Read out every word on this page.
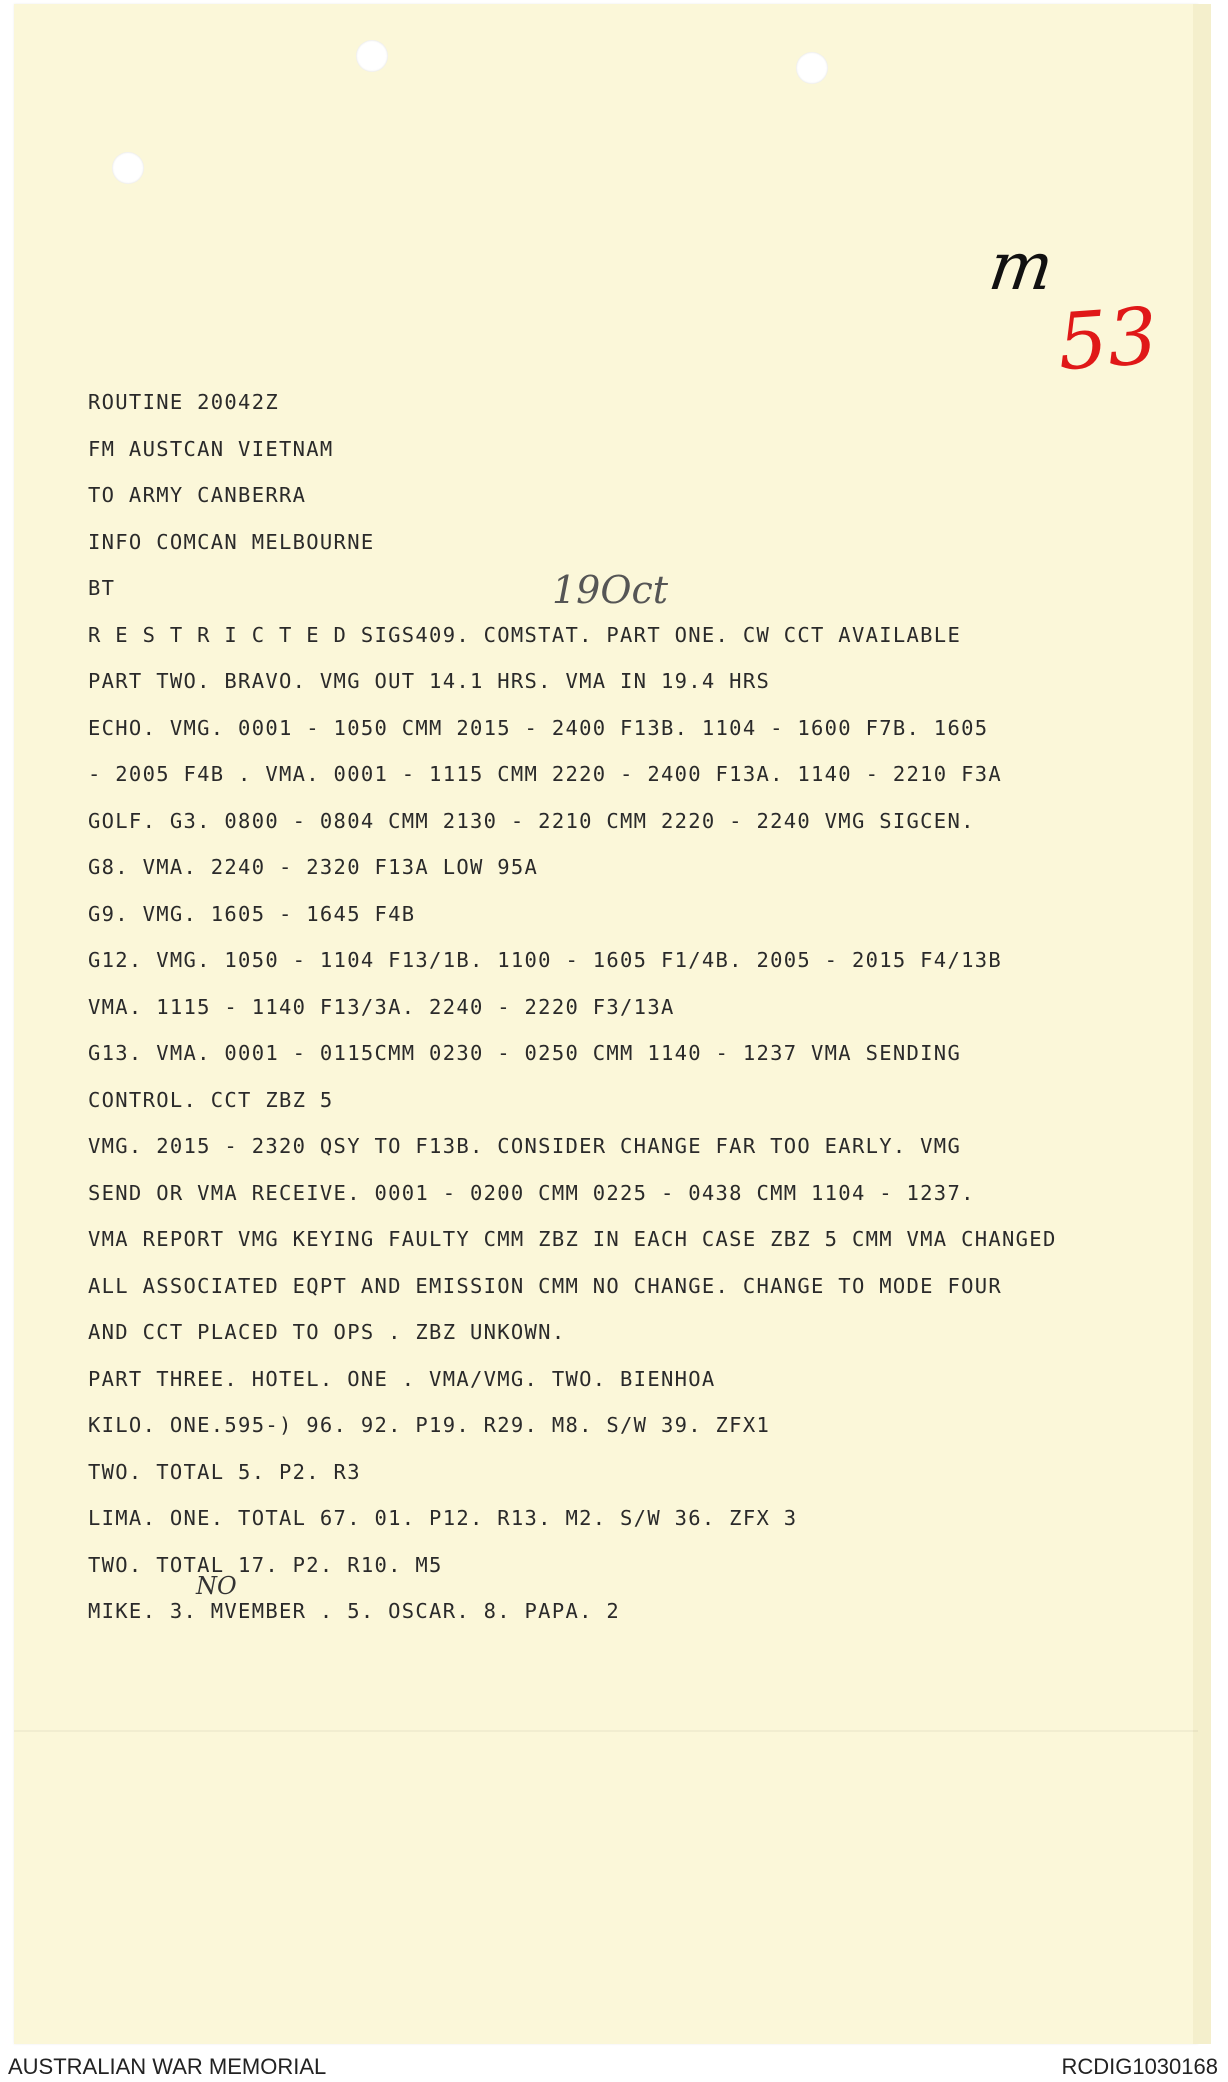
m
53
19Oct
NO
ROUTINE 20042Z
FM AUSTCAN VIETNAM
TO ARMY CANBERRA
INFO COMCAN MELBOURNE
BT
R E S T R I C T E D SIGS409. COMSTAT. PART ONE. CW CCT AVAILABLE
PART TWO. BRAVO. VMG OUT 14.1 HRS. VMA IN 19.4 HRS
ECHO. VMG. 0001 - 1050 CMM 2015 - 2400 F13B. 1104 - 1600 F7B. 1605
- 2005 F4B . VMA. 0001 - 1115 CMM 2220 - 2400 F13A. 1140 - 2210 F3A
GOLF. G3. 0800 - 0804 CMM 2130 - 2210 CMM 2220 - 2240 VMG SIGCEN.
G8. VMA. 2240 - 2320 F13A LOW 95A
G9. VMG. 1605 - 1645 F4B
G12. VMG. 1050 - 1104 F13/1B. 1100 - 1605 F1/4B. 2005 - 2015 F4/13B
VMA. 1115 - 1140 F13/3A. 2240 - 2220 F3/13A
G13. VMA. 0001 - 0115CMM 0230 - 0250 CMM 1140 - 1237 VMA SENDING
CONTROL. CCT ZBZ 5
VMG. 2015 - 2320 QSY TO F13B. CONSIDER CHANGE FAR TOO EARLY. VMG
SEND OR VMA RECEIVE. 0001 - 0200 CMM 0225 - 0438 CMM 1104 - 1237.
VMA REPORT VMG KEYING FAULTY CMM ZBZ IN EACH CASE ZBZ 5 CMM VMA CHANGED
ALL ASSOCIATED EQPT AND EMISSION CMM NO CHANGE. CHANGE TO MODE FOUR
AND CCT PLACED TO OPS . ZBZ UNKOWN.
PART THREE. HOTEL. ONE . VMA/VMG. TWO. BIENHOA
KILO. ONE.595-) 96. 92. P19. R29. M8. S/W 39. ZFX1
TWO. TOTAL 5. P2. R3
LIMA. ONE. TOTAL 67. 01. P12. R13. M2. S/W 36. ZFX 3
TWO. TOTAL 17. P2. R10. M5
MIKE. 3. MVEMBER . 5. OSCAR. 8. PAPA. 2
AUSTRALIAN WAR MEMORIAL	RCDIG1030168
